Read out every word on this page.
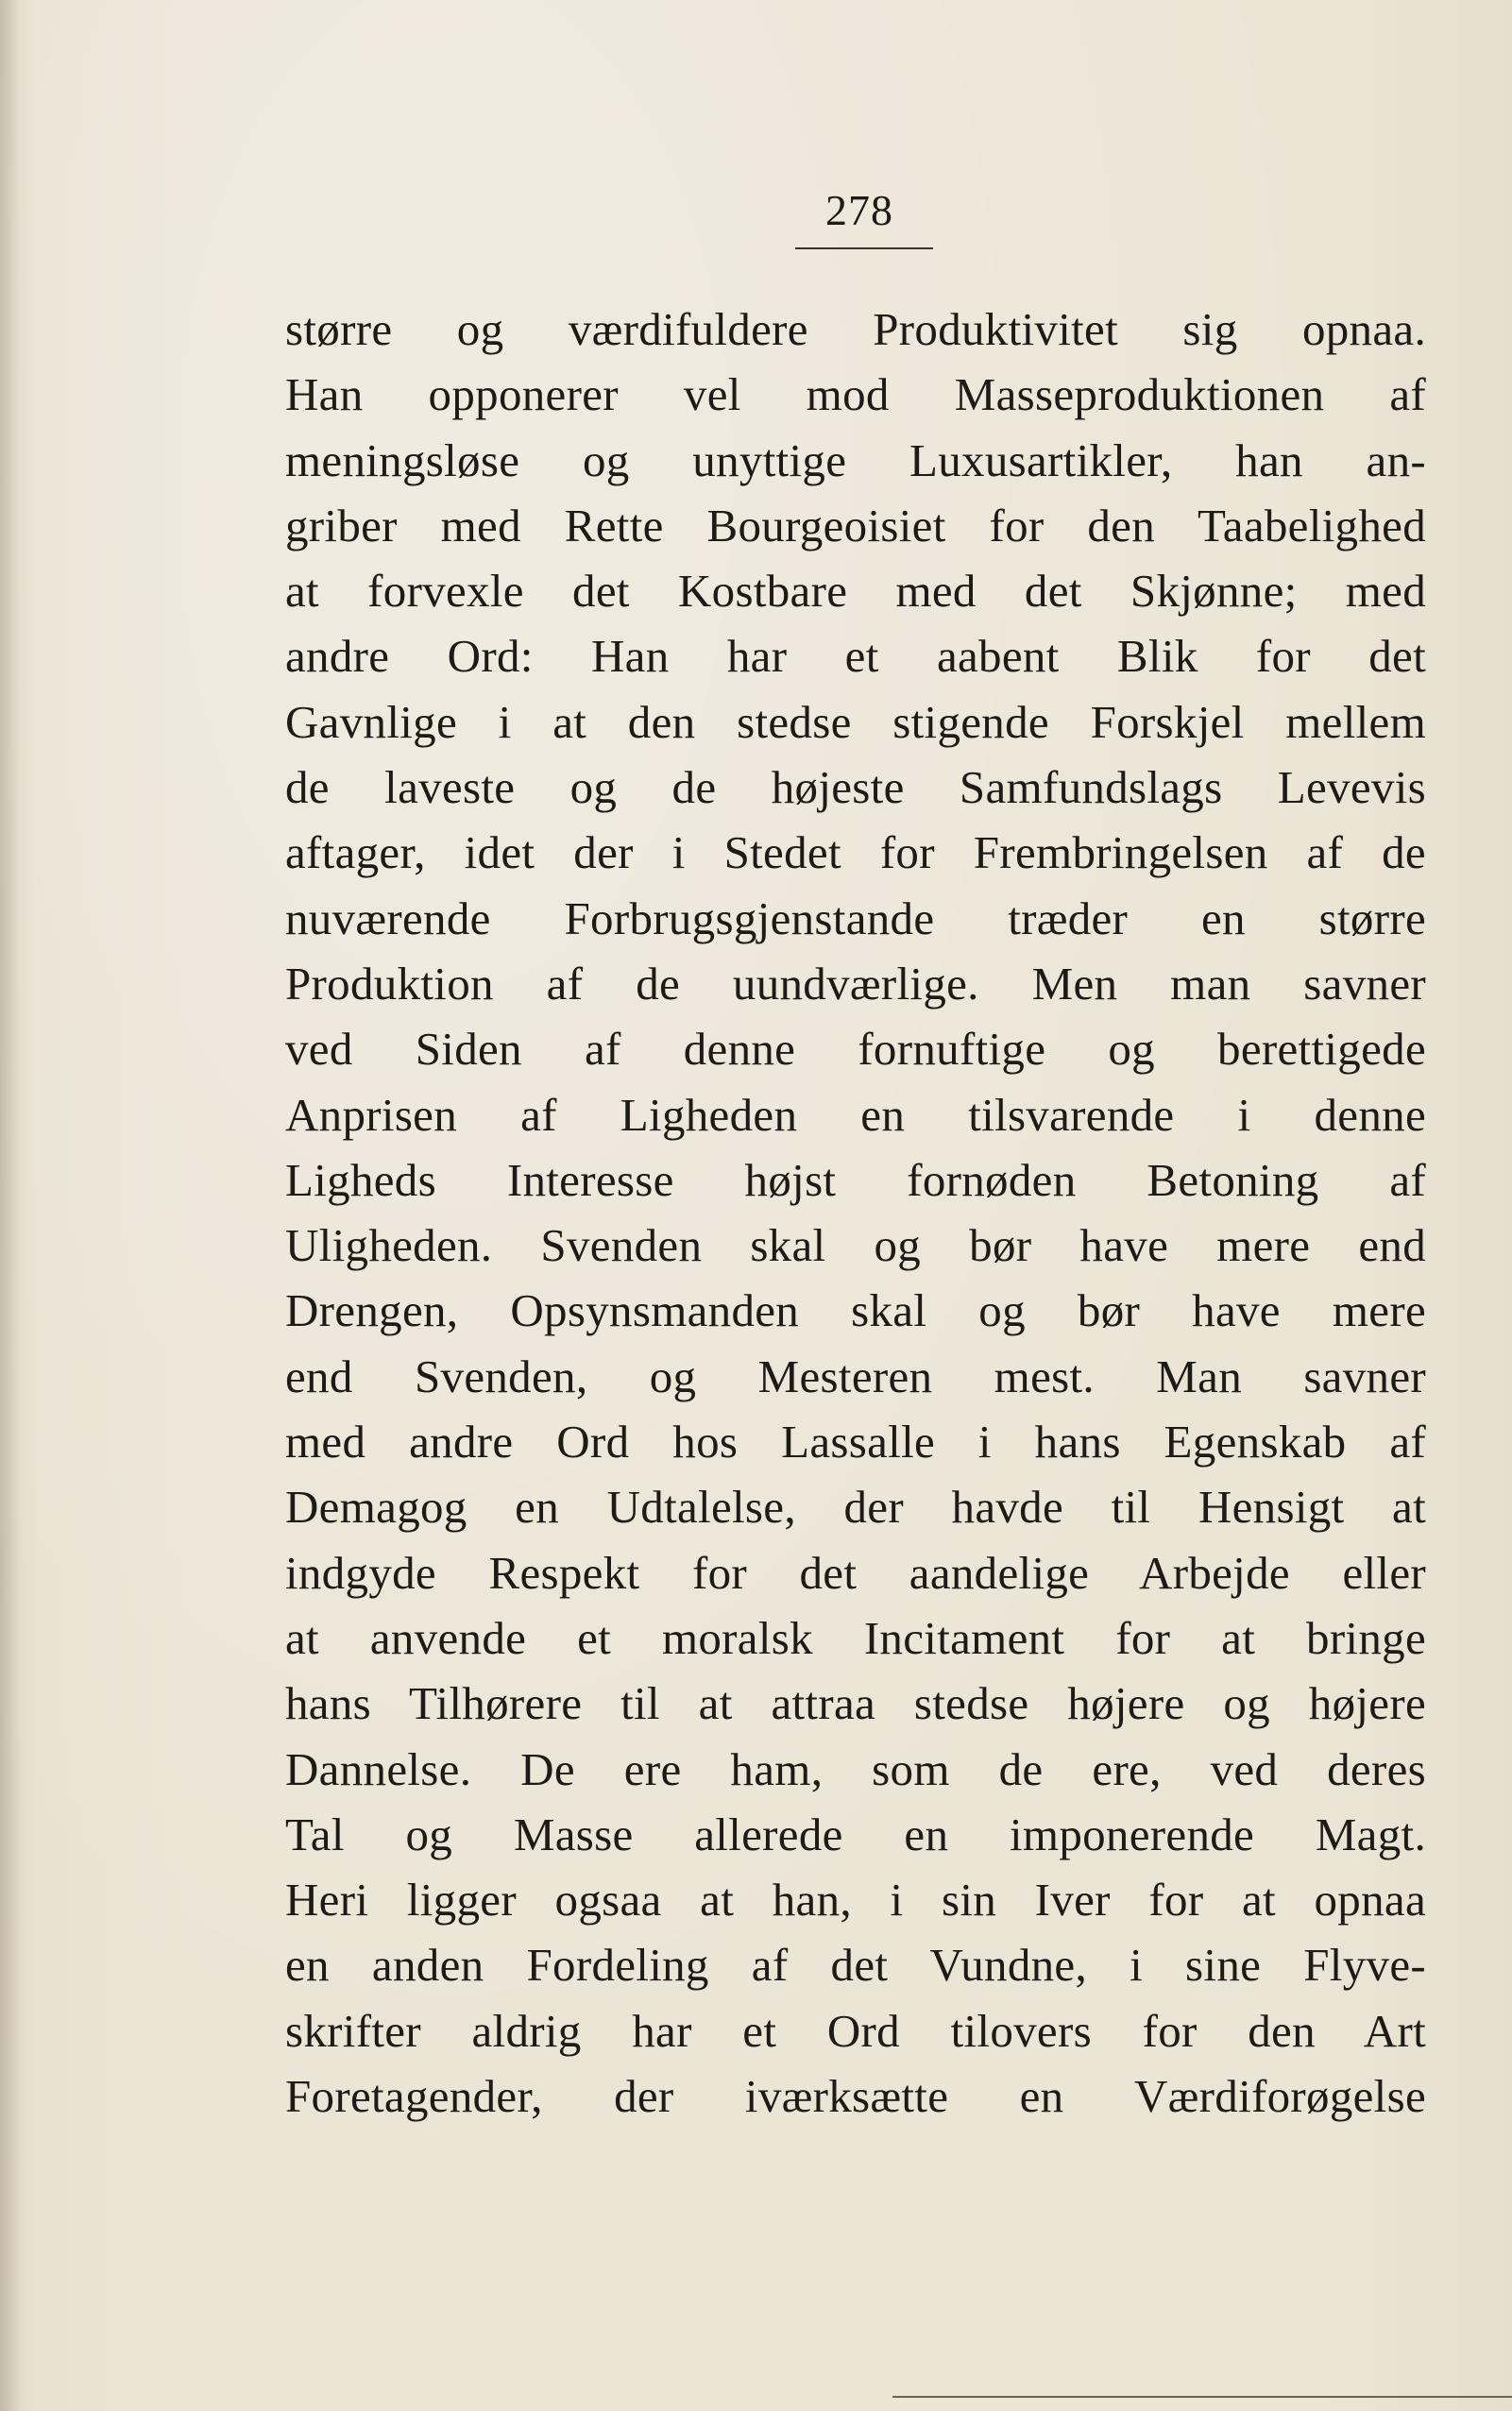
278
større og værdifuldere Produktivitet sig opnaa.
Han opponerer vel mod Masseproduktionen af
meningsløse og unyttige Luxusartikler, han an-
griber med Rette Bourgeoisiet for den Taabelighed
at forvexle det Kostbare med det Skjønne; med
andre Ord: Han har et aabent Blik for det
Gavnlige i at den stedse stigende Forskjel mellem
de laveste og de højeste Samfundslags Levevis
aftager, idet der i Stedet for Frembringelsen af de
nuværende Forbrugsgjenstande træder en større
Produktion af de uundværlige. Men man savner
ved Siden af denne fornuftige og berettigede
Anprisen af Ligheden en tilsvarende i denne
Ligheds Interesse højst fornøden Betoning af
Uligheden. Svenden skal og bør have mere end
Drengen, Opsynsmanden skal og bør have mere
end Svenden, og Mesteren mest. Man savner
med andre Ord hos Lassalle i hans Egenskab af
Demagog en Udtalelse, der havde til Hensigt at
indgyde Respekt for det aandelige Arbejde eller
at anvende et moralsk Incitament for at bringe
hans Tilhørere til at attraa stedse højere og højere
Dannelse. De ere ham, som de ere, ved deres
Tal og Masse allerede en imponerende Magt.
Heri ligger ogsaa at han, i sin Iver for at opnaa
en anden Fordeling af det Vundne, i sine Flyve-
skrifter aldrig har et Ord tilovers for den Art
Foretagender, der iværksætte en Værdiforøgelse
